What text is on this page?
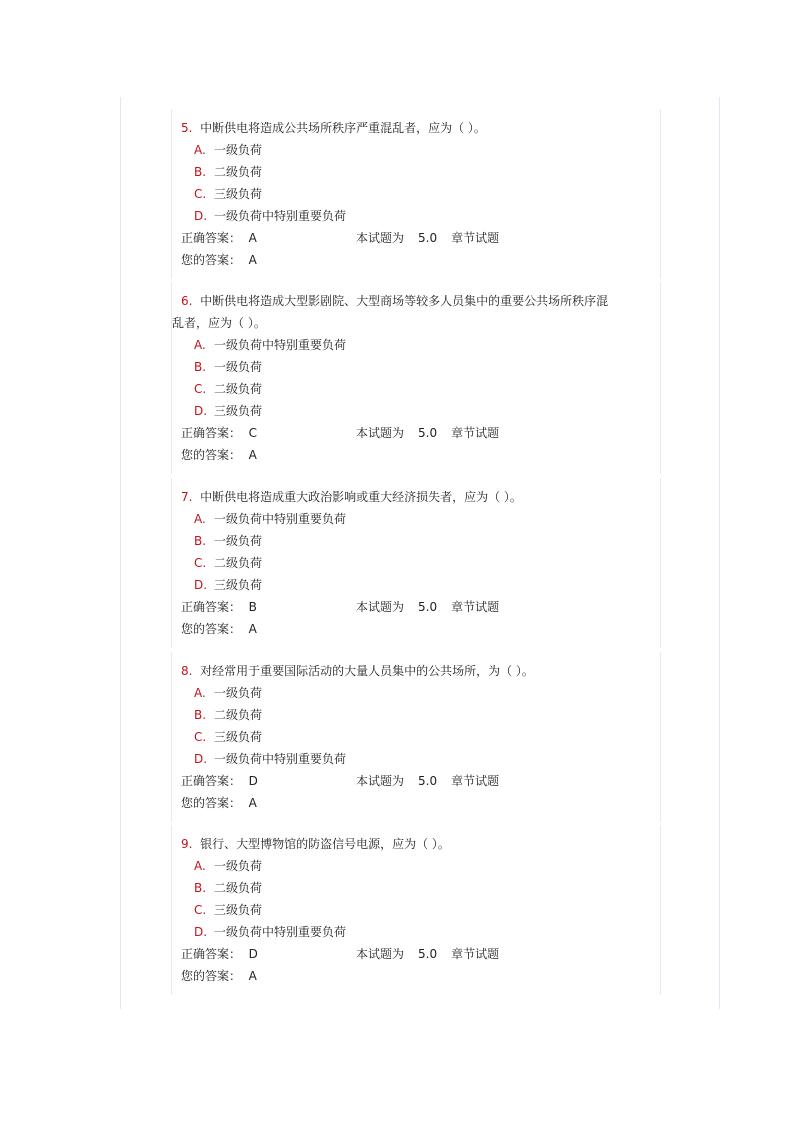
5. 中断供电将造成公共场所秩序严重混乱者，应为（ ）。
A. 一级负荷
B. 二级负荷
C. 三级负荷
D. 一级负荷中特别重要负荷
正确答案： A	本试题为 5.0 章节试题
您的答案： A
6. 中断供电将造成大型影剧院、大型商场等较多人员集中的重要公共场所秩序混
乱者，应为（ ）。
A. 一级负荷中特别重要负荷
B. 一级负荷
C. 二级负荷
D. 三级负荷
正确答案： C	本试题为 5.0 章节试题
您的答案： A
7. 中断供电将造成重大政治影响或重大经济损失者，应为（ ）。
A. 一级负荷中特别重要负荷
B. 一级负荷
C. 二级负荷
D. 三级负荷
正确答案： B	本试题为 5.0 章节试题
您的答案： A
8. 对经常用于重要国际活动的大量人员集中的公共场所，为（ ）。
A. 一级负荷
B. 二级负荷
C. 三级负荷
D. 一级负荷中特别重要负荷
正确答案： D	本试题为 5.0 章节试题
您的答案： A
9. 银行、大型博物馆的防盗信号电源，应为（ ）。
A. 一级负荷
B. 二级负荷
C. 三级负荷
D. 一级负荷中特别重要负荷
正确答案： D	本试题为 5.0 章节试题
您的答案： A
